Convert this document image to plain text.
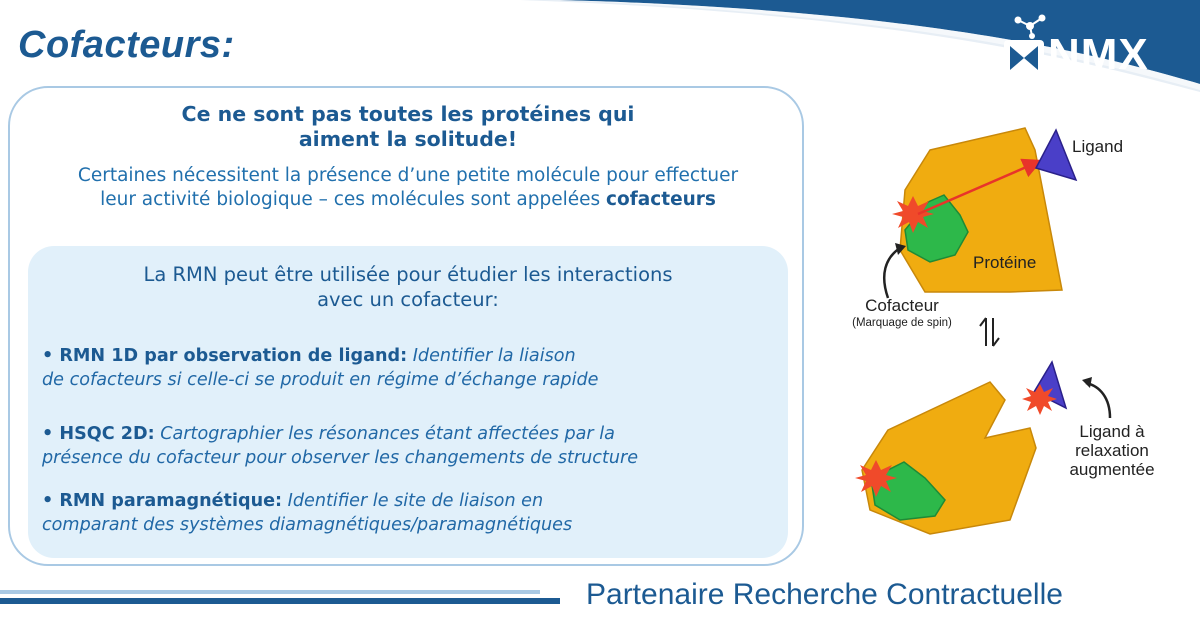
Cofacteurs:	NMX
Ce ne sont pas toutes les protéines qui
aiment la solitude!
Certaines nécessitent la présence d’une petite molécule pour effectuer
leur activité biologique – ces molécules sont appelées cofacteurs
La RMN peut être utilisée pour étudier les interactions
avec un cofacteur:
• RMN 1D par observation de ligand: Identifier la liaison
de cofacteurs si celle-ci se produit en régime d’échange rapide
• HSQC 2D: Cartographier les résonances étant affectées par la
présence du cofacteur pour observer les changements de structure
• RMN paramagnétique: Identifier le site de liaison en
comparant des systèmes diamagnétiques/paramagnétiques
Ligand
Protéine
Cofacteur
(Marquage de spin)
Ligand à
relaxation
augmentée
Partenaire Recherche Contractuelle
